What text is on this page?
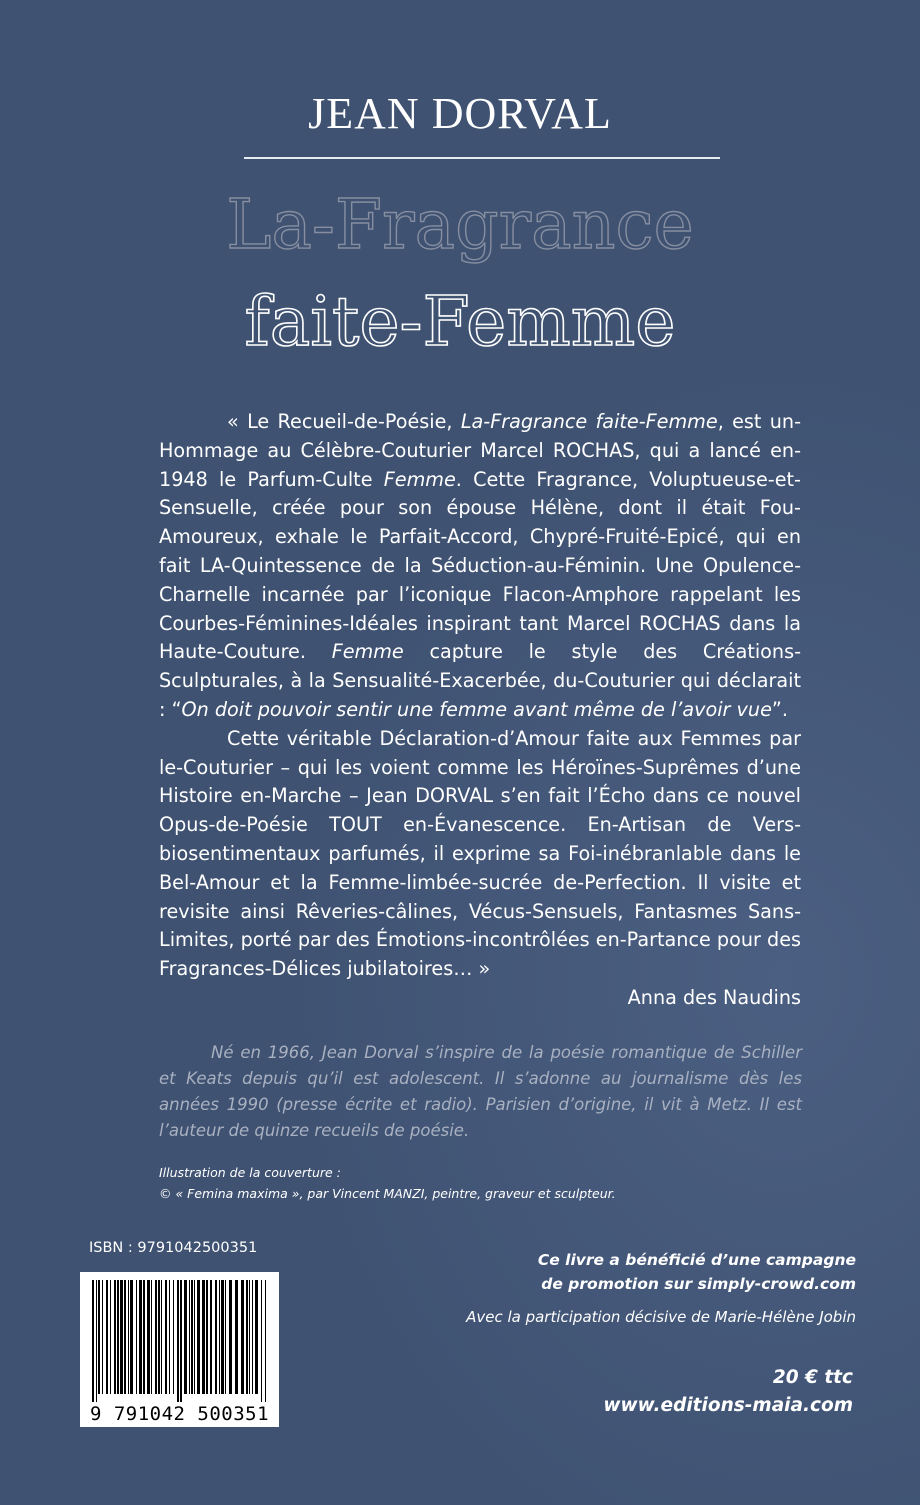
JEAN DORVAL
La-Fragrance
faite-Femme

« Le Recueil-de-Poésie, La-Fragrance faite-Femme, est un-Hommage au Célèbre-Couturier Marcel ROCHAS, qui a lancé en-1948 le Parfum-Culte Femme. Cette Fragrance, Voluptueuse-et-Sensuelle, créée pour son épouse Hélène, dont il était Fou-Amoureux, exhale le Parfait-Accord, Chypré-Fruité-Epicé, qui en fait LA-Quintessence de la Séduction-au-Féminin. Une Opulence-Charnelle incarnée par l’iconique Flacon-Amphore rappelant les Courbes-Féminines-Idéales inspirant tant Marcel ROCHAS dans la Haute-Couture. Femme capture le style des Créations-Sculpturales, à la Sensualité-Exacerbée, du-Couturier qui déclarait : “On doit pouvoir sentir une femme avant même de l’avoir vue”.

Cette véritable Déclaration-d’Amour faite aux Femmes par le-Couturier – qui les voient comme les Héroïnes-Suprêmes d’une Histoire en-Marche – Jean DORVAL s’en fait l’Écho dans ce nouvel Opus-de-Poésie TOUT en-Évanescence. En-Artisan de Vers-biosentimentaux parfumés, il exprime sa Foi-inébranlable dans le Bel-Amour et la Femme-limbée-sucrée de-Perfection. Il visite et revisite ainsi Rêveries-câlines, Vécus-Sensuels, Fantasmes Sans-Limites, porté par des Émotions-incontrôlées en-Partance pour des Fragrances-Délices jubilatoires… »

Anna des Naudins

Né en 1966, Jean Dorval s’inspire de la poésie romantique de Schiller et Keats depuis qu’il est adolescent. Il s’adonne au journalisme dès les années 1990 (presse écrite et radio). Parisien d’origine, il vit à Metz. Il est l’auteur de quinze recueils de poésie.
Illustration de la couverture :
© « Femina maxima », par Vincent MANZI, peintre, graveur et sculpteur.
ISBN : 9791042500351
9 791042 500351
Ce livre a bénéficié d’une campagne
de promotion sur simply-crowd.com
Avec la participation décisive de Marie-Hélène Jobin
20 € ttc
www.editions-maia.com
